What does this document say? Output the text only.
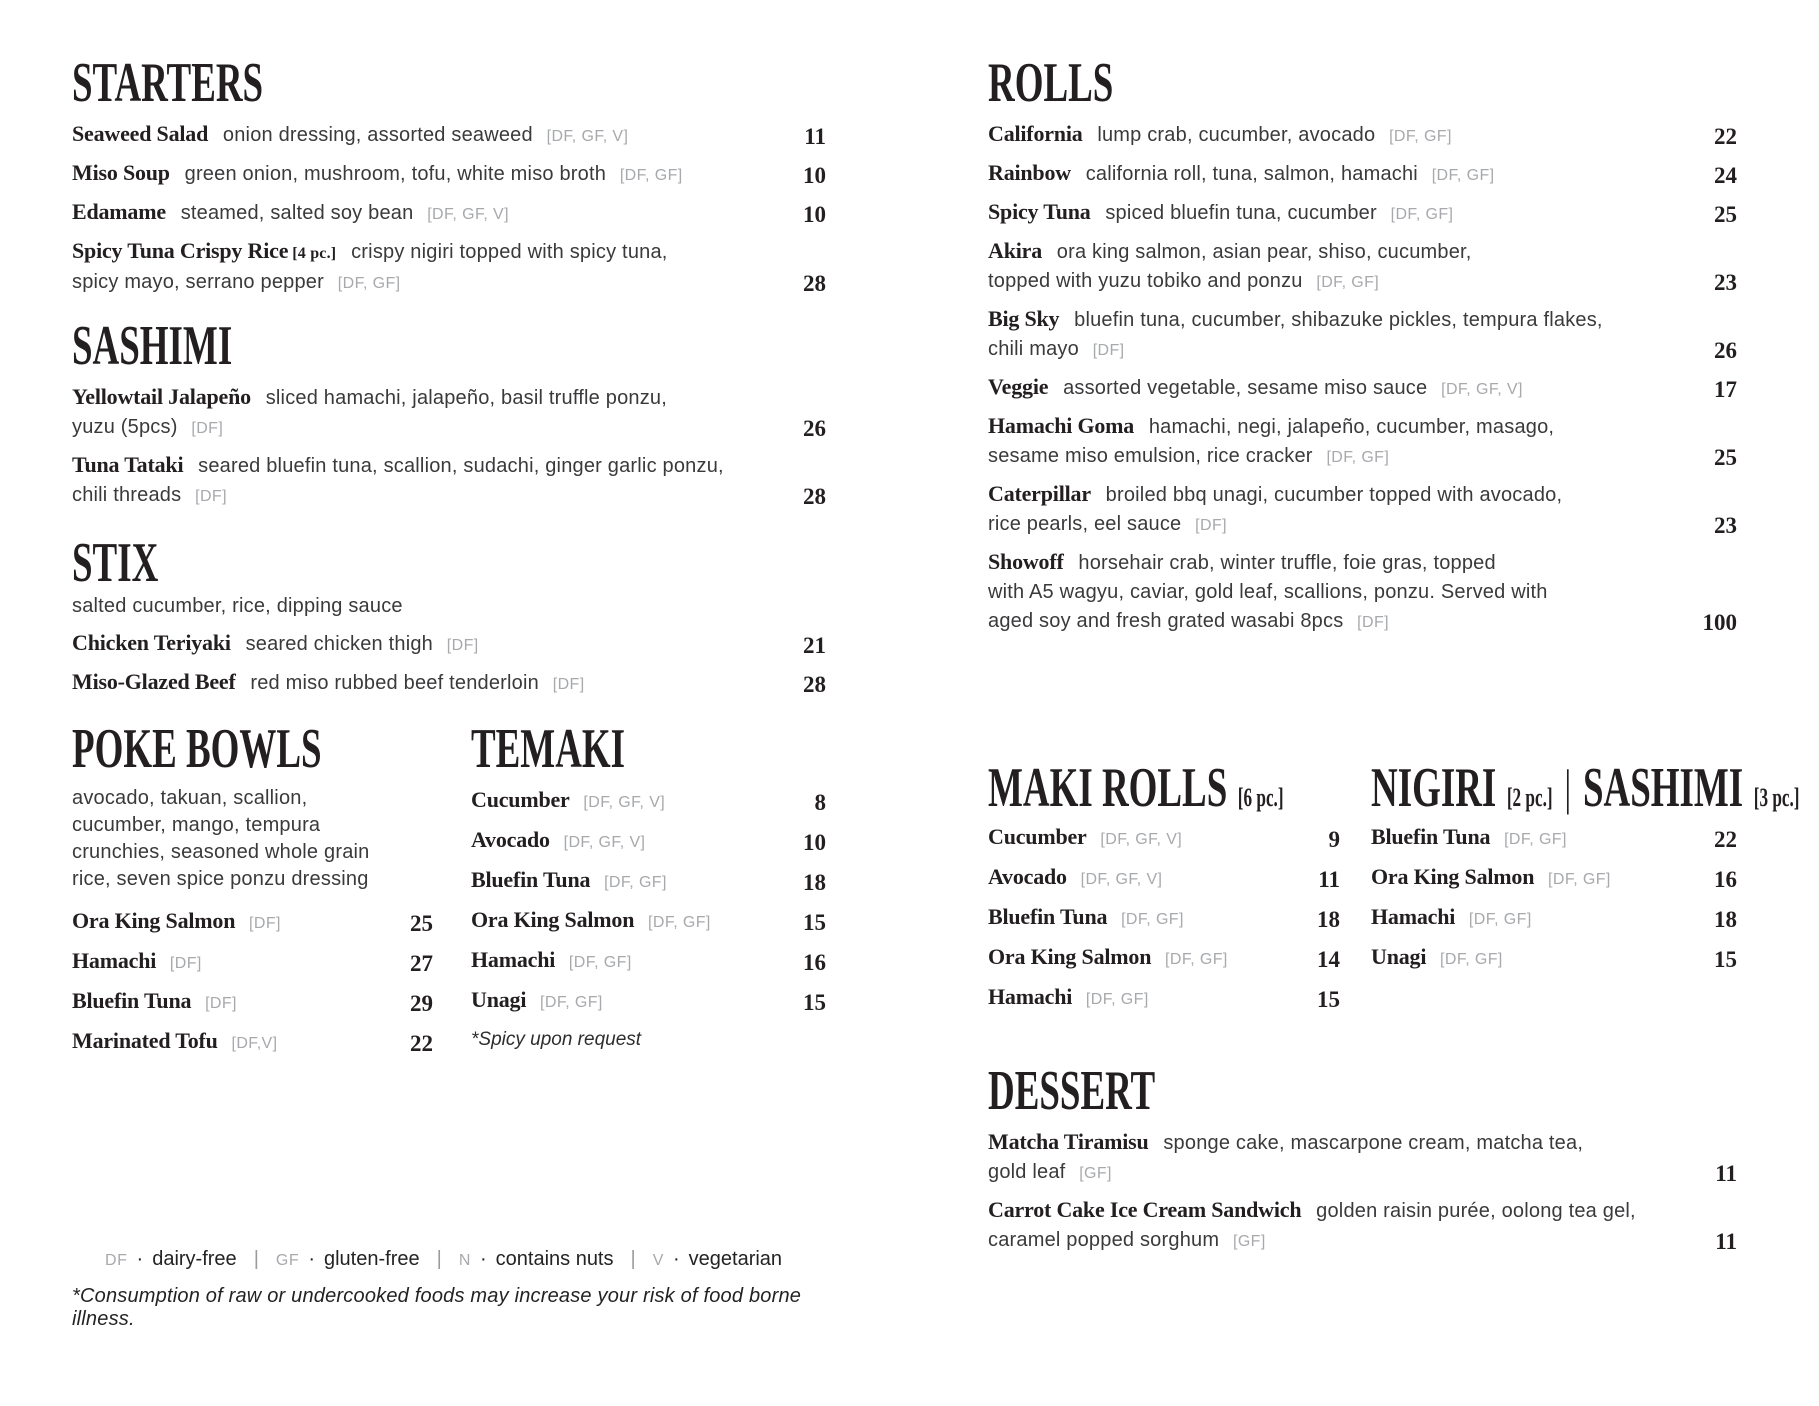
STARTERS
Seaweed Salad onion dressing, assorted seaweed [DF, GF, V]	11
Miso Soup green onion, mushroom, tofu, white miso broth [DF, GF]	10
Edamame steamed, salted soy bean [DF, GF, V]	10
Spicy Tuna Crispy Rice [4 pc.] crispy nigiri topped with spicy tuna,
spicy mayo, serrano pepper [DF, GF]	28
SASHIMI
Yellowtail Jalapeño sliced hamachi, jalapeño, basil truffle ponzu,
yuzu (5pcs) [DF]	26
Tuna Tataki seared bluefin tuna, scallion, sudachi, ginger garlic ponzu,
chili threads [DF]	28
STIX
salted cucumber, rice, dipping sauce
Chicken Teriyaki seared chicken thigh [DF]	21
Miso-Glazed Beef red miso rubbed beef tenderloin [DF]	28
POKE BOWLS
avocado, takuan, scallion,
cucumber, mango, tempura
crunchies, seasoned whole grain
rice, seven spice ponzu dressing
Ora King Salmon [DF]	25
Hamachi [DF]	27
Bluefin Tuna [DF]	29
Marinated Tofu [DF,V]	22
TEMAKI
Cucumber [DF, GF, V]	8
Avocado [DF, GF, V]	10
Bluefin Tuna [DF, GF]	18
Ora King Salmon [DF, GF]	15
Hamachi [DF, GF]	16
Unagi [DF, GF]	15
*Spicy upon request
ROLLS
California lump crab, cucumber, avocado [DF, GF]	22
Rainbow california roll, tuna, salmon, hamachi [DF, GF]	24
Spicy Tuna spiced bluefin tuna, cucumber [DF, GF]	25
Akira ora king salmon, asian pear, shiso, cucumber,
topped with yuzu tobiko and ponzu [DF, GF]	23
Big Sky bluefin tuna, cucumber, shibazuke pickles, tempura flakes,
chili mayo [DF]	26
Veggie assorted vegetable, sesame miso sauce [DF, GF, V]	17
Hamachi Goma hamachi, negi, jalapeño, cucumber, masago,
sesame miso emulsion, rice cracker [DF, GF]	25
Caterpillar broiled bbq unagi, cucumber topped with avocado,
rice pearls, eel sauce [DF]	23
Showoff horsehair crab, winter truffle, foie gras, topped
with A5 wagyu, caviar, gold leaf, scallions, ponzu. Served with
aged soy and fresh grated wasabi 8pcs [DF]	100
MAKI ROLLS [6 pc.]
Cucumber [DF, GF, V]	9
Avocado [DF, GF, V]	11
Bluefin Tuna [DF, GF]	18
Ora King Salmon [DF, GF]	14
Hamachi [DF, GF]	15
NIGIRI [2 pc.] | SASHIMI [3 pc.]
Bluefin Tuna [DF, GF]	22
Ora King Salmon [DF, GF]	16
Hamachi [DF, GF]	18
Unagi [DF, GF]	15
DESSERT
Matcha Tiramisu sponge cake, mascarpone cream, matcha tea,
gold leaf [GF]	11
Carrot Cake Ice Cream Sandwich golden raisin purée, oolong tea gel,
caramel popped sorghum [GF]	11
DF · dairy-free | GF · gluten-free | N · contains nuts | V · vegetarian
*Consumption of raw or undercooked foods may increase your risk of food borne illness.
